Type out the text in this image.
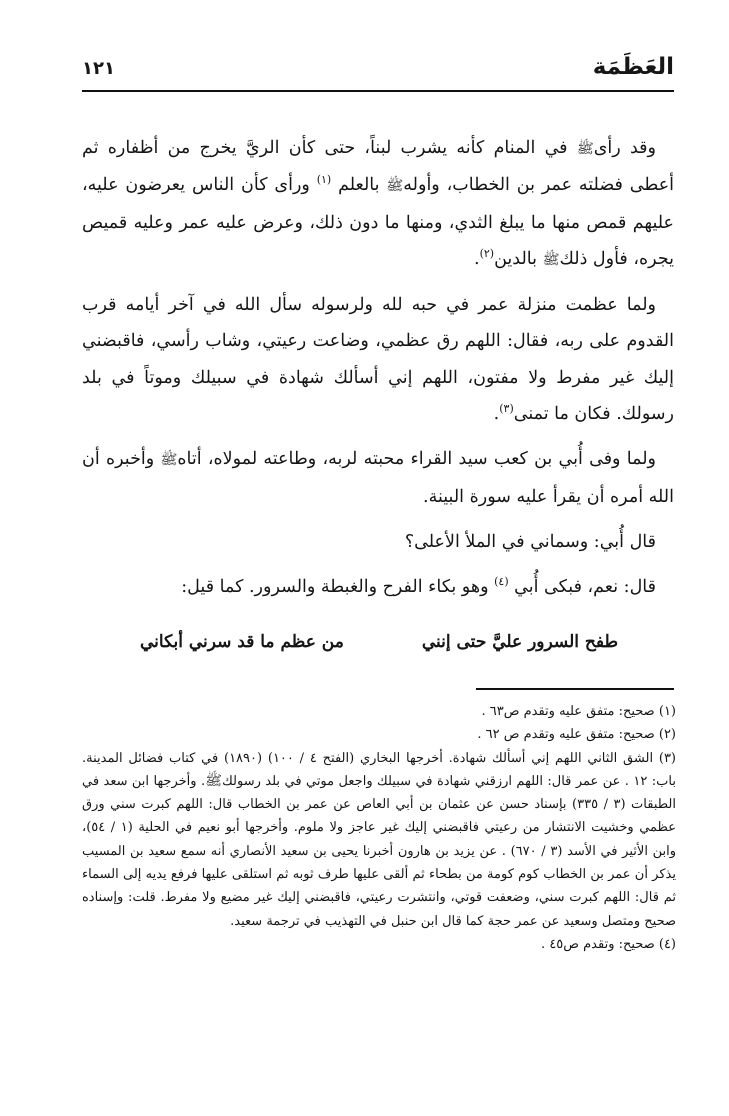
العَظَمَة
١٢١

وقد رأىﷺ في المنام كأنه يشرب لبناً، حتى كأن الريَّ يخرج من أظفاره ثم أعطى فضلته عمر بن الخطاب، وأولهﷺ بالعلم $^{(١)}$ ورأى كأن الناس يعرضون عليه، عليهم قمص منها ما يبلغ الثدي، ومنها ما دون ذلك، وعرض عليه عمر وعليه قميص يجره، فأول ذلكﷺ بالدين$^{(٢)}$.

ولما عظمت منزلة عمر في حبه لله ولرسوله سأل الله في آخر أيامه قرب القدوم على ربه، فقال: اللهم رق عظمي، وضاعت رعيتي، وشاب رأسي، فاقبضني إليك غير مفرط ولا مفتون، اللهم إني أسألك شهادة في سبيلك وموتاً في بلد رسولك. فكان ما تمنى$^{(٣)}$.

ولما وفى أُبي بن كعب سيد القراء محبته لربه، وطاعته لمولاه، أتاهﷺ وأخبره أن الله أمره أن يقرأ عليه سورة البينة.

قال أُبي: وسماني في الملأ الأعلى؟

قال: نعم، فبكى أُبي $^{(٤)}$ وهو بكاء الفرح والغبطة والسرور. كما قيل:

طفح السرور عليَّ حتى إنني
من عظم ما قد سرني أبكاني

(١) صحيح: متفق عليه وتقدم ص٦٣ .

(٢) صحيح: متفق عليه وتقدم ص ٦٢ .

(٣) الشق الثاني اللهم إني أسألك شهادة. أخرجها البخاري (الفتح ٤ / ١٠٠) (١٨٩٠) في كتاب فضائل المدينة. باب: ١٢ . عن عمر قال: اللهم ارزقني شهادة في سبيلك واجعل موتي في بلد رسولكﷺ. وأخرجها ابن سعد في الطبقات (٣ / ٣٣٥) بإسناد حسن عن عثمان بن أبي العاص عن عمر بن الخطاب قال: اللهم كبرت سني ورق عظمي وخشيت الانتشار من رعيتي فاقبضني إليك غير عاجز ولا ملوم. وأخرجها أبو نعيم في الحلية (١ / ٥٤)، وابن الأثير في الأسد (٣ / ٦٧٠) . عن يزيد بن هارون أخبرنا يحيى بن سعيد الأنصاري أنه سمع سعيد بن المسيب يذكر أن عمر بن الخطاب كوم كومة من بطحاء ثم ألقى عليها طرف ثوبه ثم استلقى عليها فرفع يديه إلى السماء ثم قال: اللهم كبرت سني، وضعفت قوتي، وانتشرت رعيتي، فاقبضني إليك غير مضيع ولا مفرط. قلت: وإسناده صحيح ومتصل وسعيد عن عمر حجة كما قال ابن حنبل في التهذيب في ترجمة سعيد.

(٤) صحيح: وتقدم ص٤٥ .
